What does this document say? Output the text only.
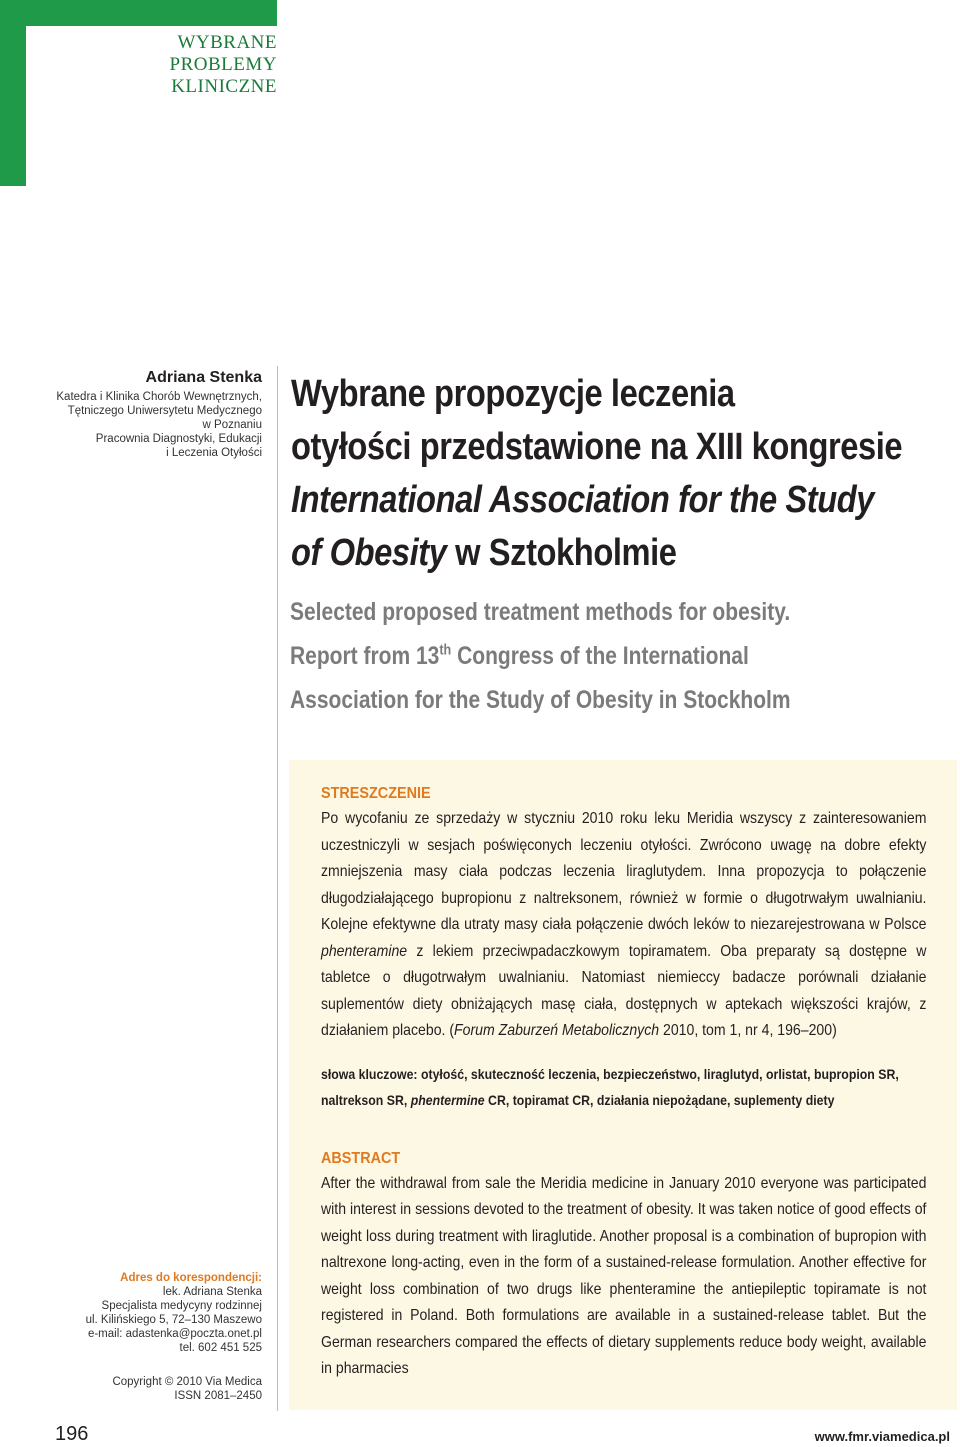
WYBRANE
PROBLEMY
KLINICZNE
Adriana Stenka
Katedra i Klinika Chorób Wewnętrznych,
Tętniczego Uniwersytetu Medycznego
w Poznaniu
Pracownia Diagnostyki, Edukacji
i Leczenia Otyłości
Wybrane propozycje leczenia
otyłości przedstawione na XIII kongresie
International Association for the Study
of Obesity w Sztokholmie
Selected proposed treatment methods for obesity.
Report from 13th Congress of the International
Association for the Study of Obesity in Stockholm
STRESZCZENIE
Po wycofaniu ze sprzedaży w styczniu 2010 roku leku Meridia wszyscy z zainteresowaniem uczestniczyli w sesjach poświęconych leczeniu otyłości. Zwrócono uwagę na dobre efekty zmniejszenia masy ciała podczas leczenia liraglutydem. Inna propozycja to połączenie długodziałającego bupropionu z naltreksonem, również w formie o długotrwałym uwalnianiu. Kolejne efektywne dla utraty masy ciała połączenie dwóch leków to niezarejestrowana w Polsce phenteramine z lekiem przeciwpadaczkowym topiramatem. Oba preparaty są dostępne w tabletce o długotrwałym uwalnianiu. Natomiast niemieccy badacze porównali działanie suplementów diety obniżających masę ciała, dostępnych w aptekach większości krajów, z działaniem placebo. (Forum Zaburzeń Metabolicznych 2010, tom 1, nr 4, 196–200)
słowa kluczowe: otyłość, skuteczność leczenia, bezpieczeństwo, liraglutyd, orlistat, bupropion SR, naltrekson SR, phentermine CR, topiramat CR, działania niepożądane, suplementy diety
ABSTRACT
After the withdrawal from sale the Meridia medicine in January 2010 everyone was participated with interest in sessions devoted to the treatment of obesity. It was taken notice of good effects of weight loss during treatment with liraglutide. Another proposal is a combination of bupropion with naltrexone long-acting, even in the form of a sustained-release formulation. Another effective for weight loss combination of two drugs like phenteramine the antiepileptic topiramate is not registered in Poland. Both formulations are available in a sustained-release tablet. But the German researchers compared the effects of dietary supplements reduce body weight, available in pharmacies
Adres do korespondencji:
lek. Adriana Stenka
Specjalista medycyny rodzinnej
ul. Kilińskiego 5, 72–130 Maszewo
e-mail: adastenka@poczta.onet.pl
tel. 602 451 525
Copyright © 2010 Via Medica
ISSN 2081–2450
196	www.fmr.viamedica.pl
